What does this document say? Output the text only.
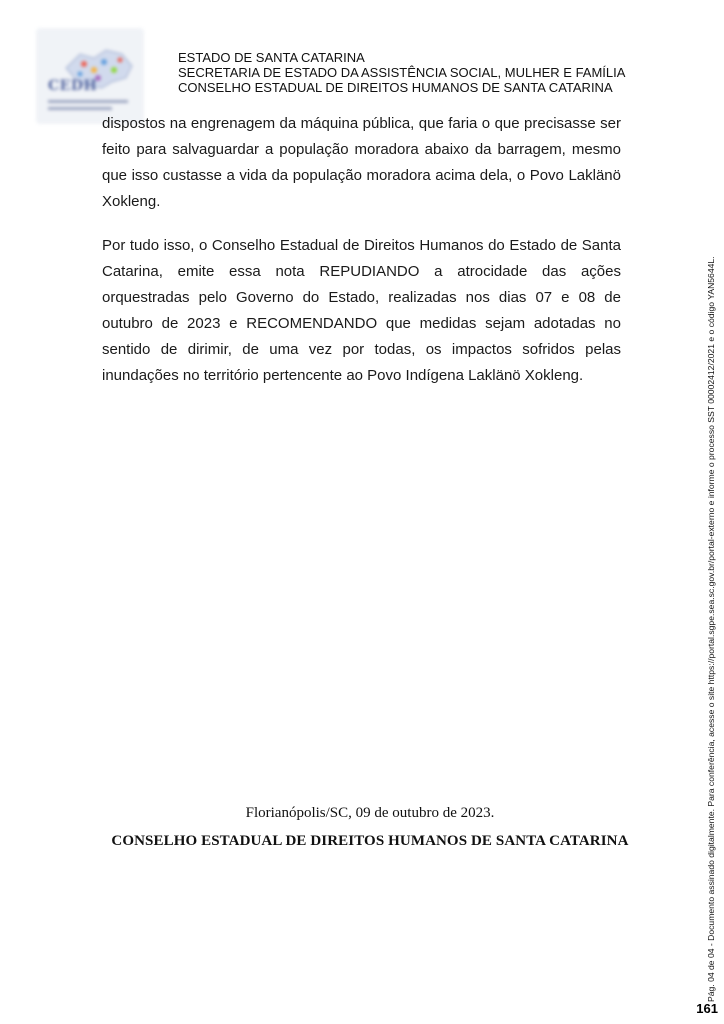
CEDH
ESTADO DE SANTA CATARINA
SECRETARIA DE ESTADO DA ASSISTÊNCIA SOCIAL, MULHER E FAMÍLIA
CONSELHO ESTADUAL DE DIREITOS HUMANOS DE SANTA CATARINA
dispostos na engrenagem da máquina pública, que faria o que precisasse ser feito para salvaguardar a população moradora abaixo da barragem, mesmo que isso custasse a vida da população moradora acima dela, o Povo Laklänö Xokleng.
Por tudo isso, o Conselho Estadual de Direitos Humanos do Estado de Santa Catarina, emite essa nota REPUDIANDO a atrocidade das ações orquestradas pelo Governo do Estado, realizadas nos dias 07 e 08 de outubro de 2023 e RECOMENDANDO que medidas sejam adotadas no sentido de dirimir, de uma vez por todas, os impactos sofridos pelas inundações no território pertencente ao Povo Indígena Laklänö Xokleng.
Florianópolis/SC, 09 de outubro de 2023.
CONSELHO ESTADUAL DE DIREITOS HUMANOS DE SANTA CATARINA	Pág. 04 de 04 - Documento assinado digitalmente. Para conferência, acesse o site https://portal.sgpe.sea.sc.gov.br/portal-externo e informe o processo SST 00002412/2021 e o código YAN5644L.
161
